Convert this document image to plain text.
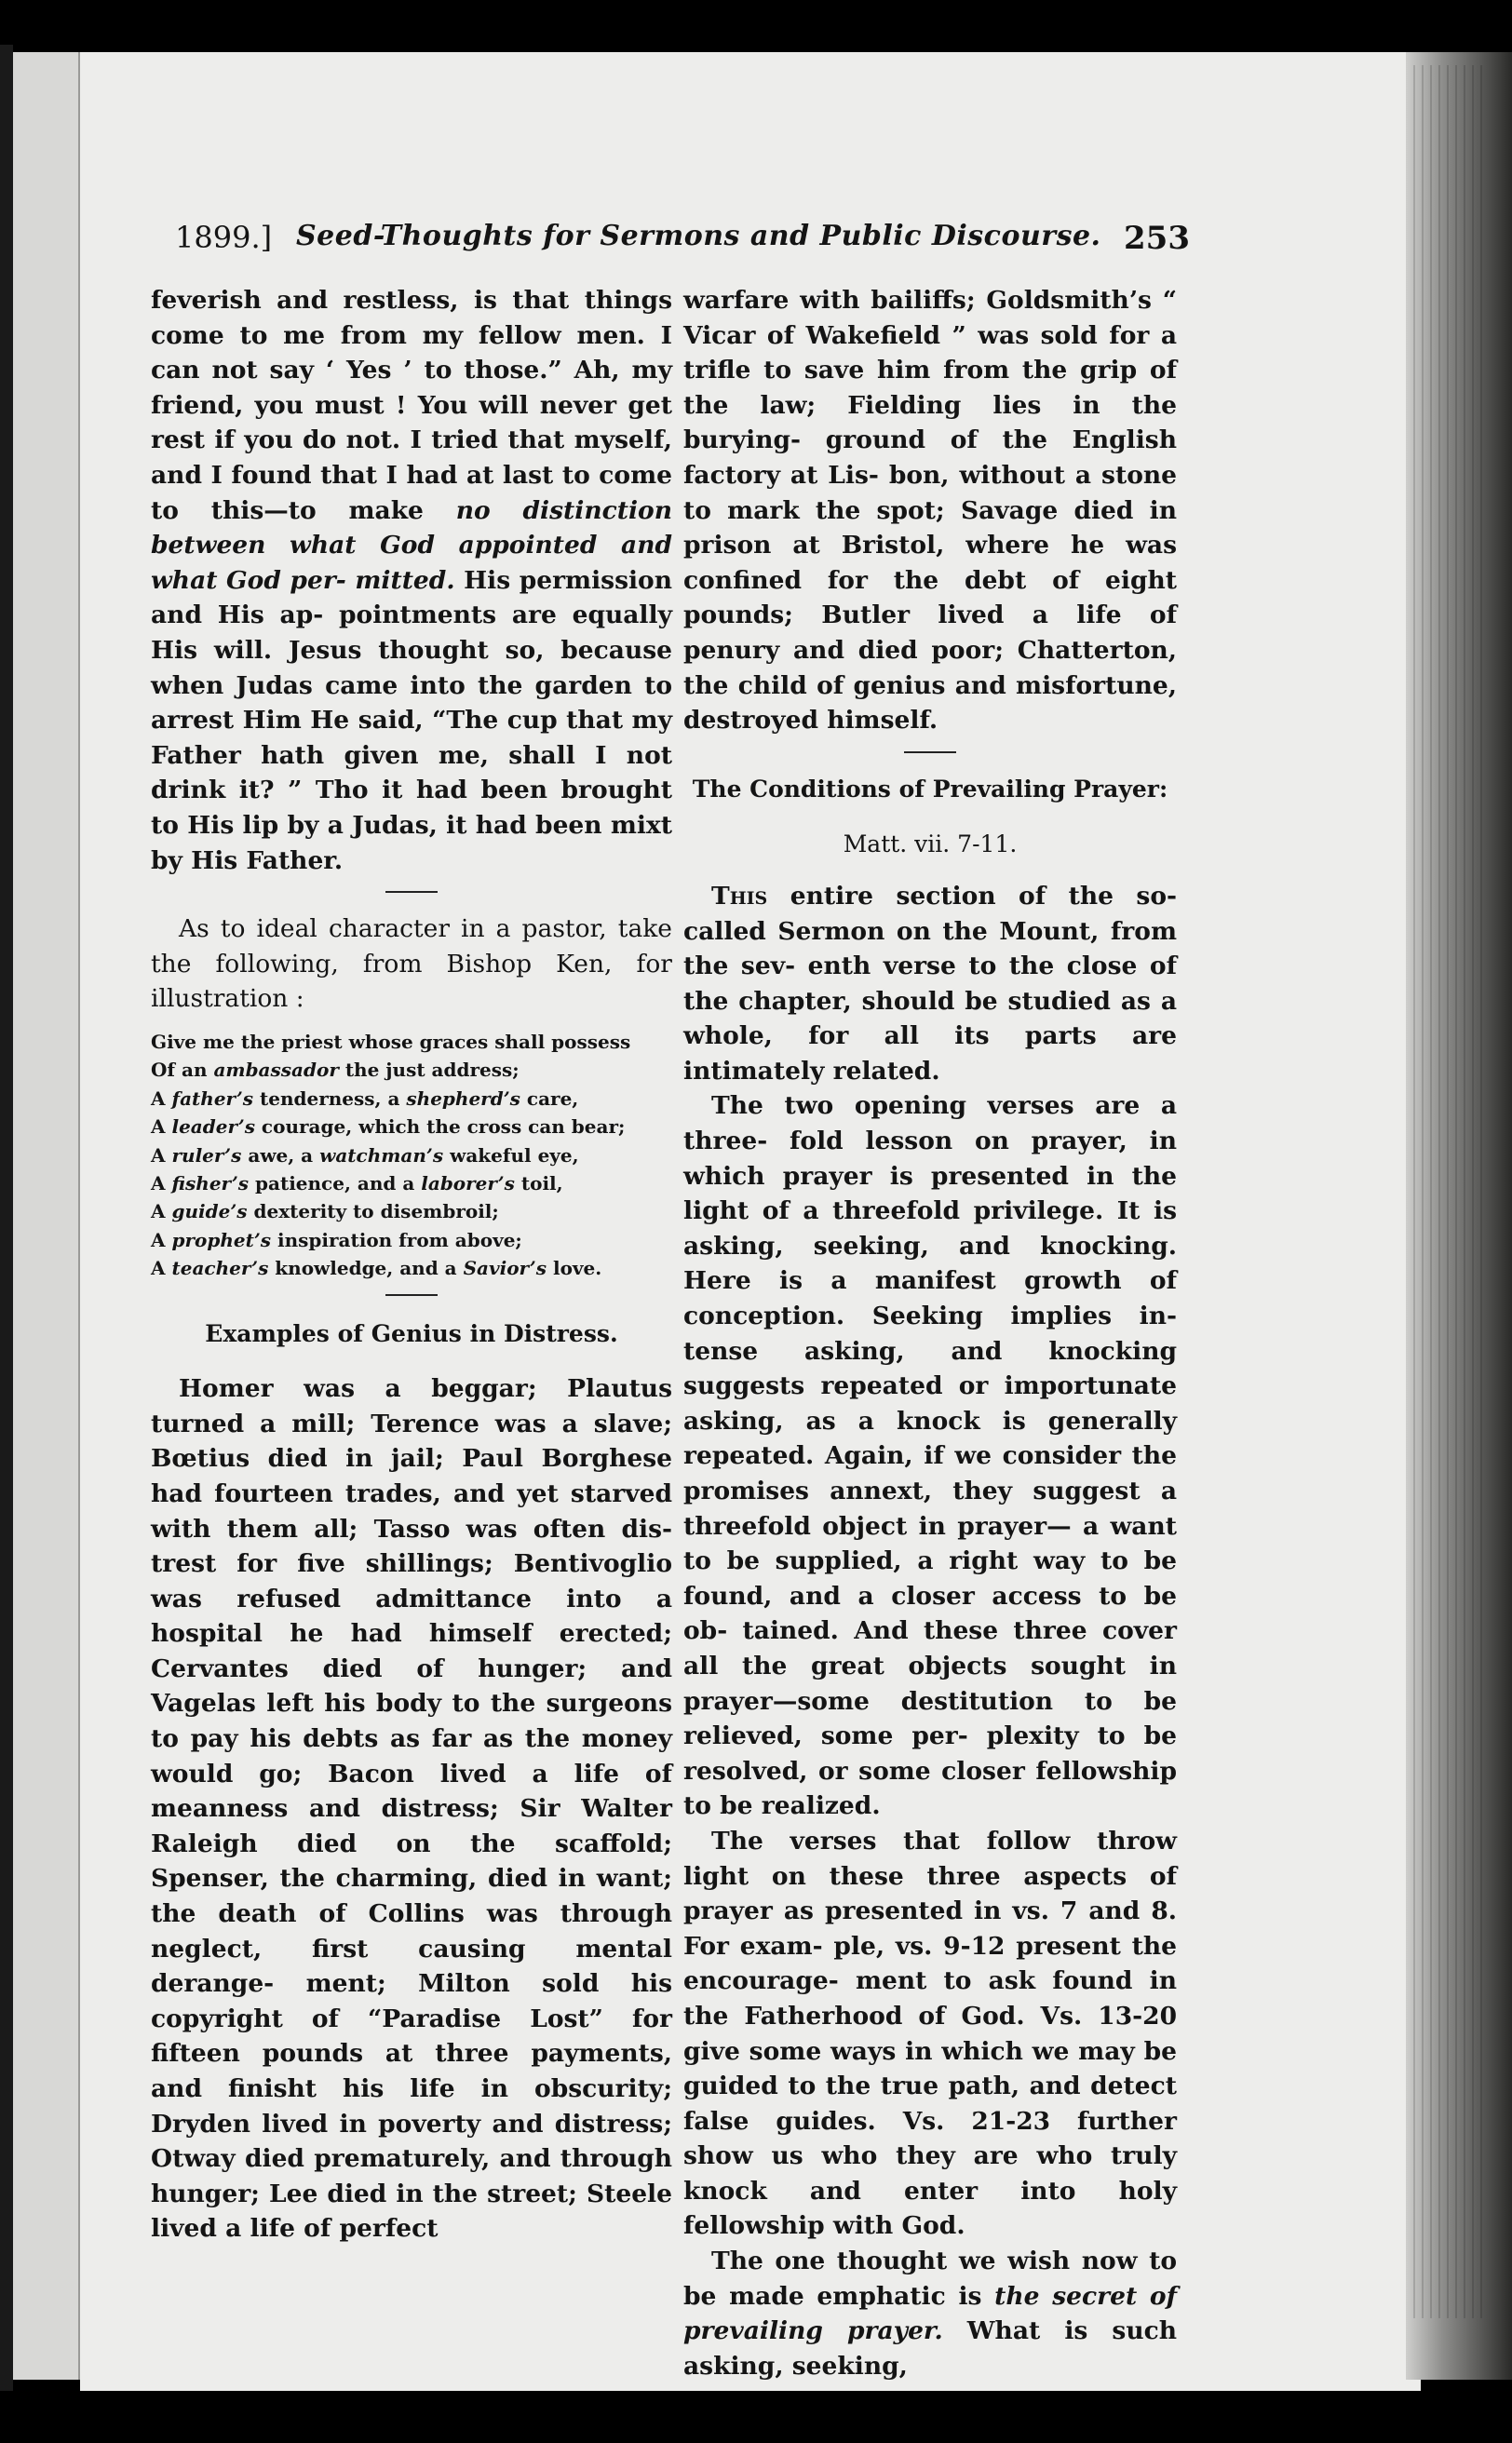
1899.] Seed-Thoughts for Sermons and Public Discourse. 253

feverish and restless, is that things come to me from my fellow men. I can not say ‘ Yes ’ to those.” Ah, my friend, you must ! You will never get rest if you do not. I tried that myself, and I found that I had at last to come to this—to make no distinction between what God appointed and what God per- mitted. His permission and His ap- pointments are equally His will. Jesus thought so, because when Judas came into the garden to arrest Him He said, “The cup that my Father hath given me, shall I not drink it? ” Tho it had been brought to His lip by a Judas, it had been mixt by His Father.

As to ideal character in a pastor, take the following, from Bishop Ken, for illustration :

Give me the priest whose graces shall possess
Of an ambassador the just address;
A father’s tenderness, a shepherd’s care,
A leader’s courage, which the cross can bear;
A ruler’s awe, a watchman’s wakeful eye,
A fisher’s patience, and a laborer’s toil,
A guide’s dexterity to disembroil;
A prophet’s inspiration from above;
A teacher’s knowledge, and a Savior’s love.
Examples of Genius in Distress.

Homer was a beggar; Plautus turned a mill; Terence was a slave; Bœtius died in jail; Paul Borghese had fourteen trades, and yet starved with them all; Tasso was often dis- trest for five shillings; Bentivoglio was refused admittance into a hospital he had himself erected; Cervantes died of hunger; and Vagelas left his body to the surgeons to pay his debts as far as the money would go; Bacon lived a life of meanness and distress; Sir Walter Raleigh died on the scaffold; Spenser, the charming, died in want; the death of Collins was through neglect, first causing mental derange- ment; Milton sold his copyright of “Paradise Lost” for fifteen pounds at three payments, and finisht his life in obscurity; Dryden lived in poverty and distress; Otway died prematurely, and through hunger; Lee died in the street; Steele lived a life of perfect

warfare with bailiffs; Goldsmith’s “ Vicar of Wakefield ” was sold for a trifle to save him from the grip of the law; Fielding lies in the burying- ground of the English factory at Lis- bon, without a stone to mark the spot; Savage died in prison at Bristol, where he was confined for the debt of eight pounds; Butler lived a life of penury and died poor; Chatterton, the child of genius and misfortune, destroyed himself.

The Conditions of Prevailing Prayer:
Matt. vii. 7-11.

This entire section of the so-called Sermon on the Mount, from the sev- enth verse to the close of the chapter, should be studied as a whole, for all its parts are intimately related.

The two opening verses are a three- fold lesson on prayer, in which prayer is presented in the light of a threefold privilege. It is asking, seeking, and knocking. Here is a manifest growth of conception. Seeking implies in- tense asking, and knocking suggests repeated or importunate asking, as a knock is generally repeated. Again, if we consider the promises annext, they suggest a threefold object in prayer— a want to be supplied, a right way to be found, and a closer access to be ob- tained. And these three cover all the great objects sought in prayer—some destitution to be relieved, some per- plexity to be resolved, or some closer fellowship to be realized.

The verses that follow throw light on these three aspects of prayer as presented in vs. 7 and 8. For exam- ple, vs. 9-12 present the encourage- ment to ask found in the Fatherhood of God. Vs. 13-20 give some ways in which we may be guided to the true path, and detect false guides. Vs. 21-23 further show us who they are who truly knock and enter into holy fellowship with God.

The one thought we wish now to be made emphatic is the secret of prevailing prayer. What is such asking, seeking,
